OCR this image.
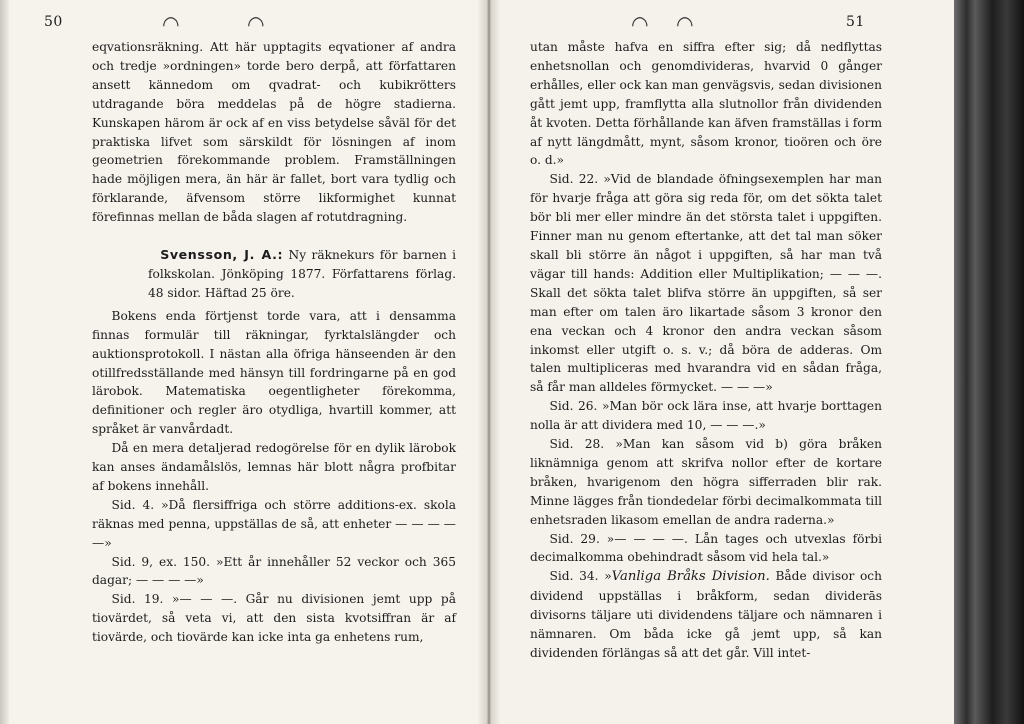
50	51
◠	◠	◠ ◠

eqvationsräkning. Att här upptagits eqvationer af andra och tredje »ordningen» torde bero derpå, att författaren ansett kännedom om qvadrat- och kubikrötters utdragande böra meddelas på de högre stadierna. Kunskapen härom är ock af en viss betydelse såväl för det praktiska lifvet som särskildt för lösningen af inom geometrien förekommande problem. Framställningen hade möjligen mera, än här är fallet, bort vara tydlig och förklarande, äfvensom större likformighet kunnat förefinnas mellan de båda slagen af rotutdragning.

Svensson, J. A.: Ny räknekurs för barnen i folkskolan. Jönköping 1877. Författarens förlag. 48 sidor. Häftad 25 öre.

Bokens enda förtjenst torde vara, att i densamma finnas formulär till räkningar, fyrktalslängder och auktionsprotokoll. I nästan alla öfriga hänseenden är den otillfredsställande med hänsyn till fordringarne på en god lärobok. Matematiska oegentligheter förekomma, definitioner och regler äro otydliga, hvartill kommer, att språket är vanvårdadt.

Då en mera detaljerad redogörelse för en dylik lärobok kan anses ändamålslös, lemnas här blott några profbitar af bokens innehåll.

Sid. 4. »Då flersiffriga och större additions-ex. skola räknas med penna, uppställas de så, att enheter — — — — —»

Sid. 9, ex. 150. »Ett år innehåller 52 veckor och 365 dagar; — — — —»

Sid. 19. »— — —. Går nu divisionen jemt upp på tiovärdet, så veta vi, att den sista kvotsiffran är af tiovärde, och tiovärde kan icke inta ga enhetens rum,

utan måste hafva en siffra efter sig; då nedflyttas enhetsnollan och genomdivideras, hvarvid 0 gånger erhålles, eller ock kan man genvägsvis, sedan divisionen gått jemt upp, framflytta alla slutnollor från dividenden åt kvoten. Detta förhållande kan äfven framställas i form af nytt längdmått, mynt, såsom kronor, tioören och öre o. d.»

Sid. 22. »Vid de blandade öfningsexemplen har man för hvarje fråga att göra sig reda för, om det sökta talet bör bli mer eller mindre än det största talet i uppgiften. Finner man nu genom eftertanke, att det tal man söker skall bli större än något i uppgiften, så har man två vägar till hands: Addition eller Multiplikation; — — —. Skall det sökta talet blifva större än uppgiften, så ser man efter om talen äro likartade såsom 3 kronor den ena veckan och 4 kronor den andra veckan såsom inkomst eller utgift o. s. v.; då böra de adderas. Om talen multipliceras med hvarandra vid en sådan fråga, så får man alldeles förmycket. — — —»

Sid. 26. »Man bör ock lära inse, att hvarje borttagen nolla är att dividera med 10, — — —.»

Sid. 28. »Man kan såsom vid b) göra bråken liknämniga genom att skrifva nollor efter de kortare bråken, hvarigenom den högra sifferraden blir rak. Minne lägges från tiondedelar förbi decimalkommata till enhetsraden likasom emellan de andra raderna.»

Sid. 29. »— — — —. Lån tages och utvexlas förbi decimalkomma obehindradt såsom vid hela tal.»

Sid. 34. »Vanliga Bråks Division. Både divisor och dividend uppställas i bråkform, sedan dividerās divisorns täljare uti dividendens täljare och nämnaren i nämnaren. Om båda icke gå jemt upp, så kan dividenden förlängas så att det går. Vill intet-
